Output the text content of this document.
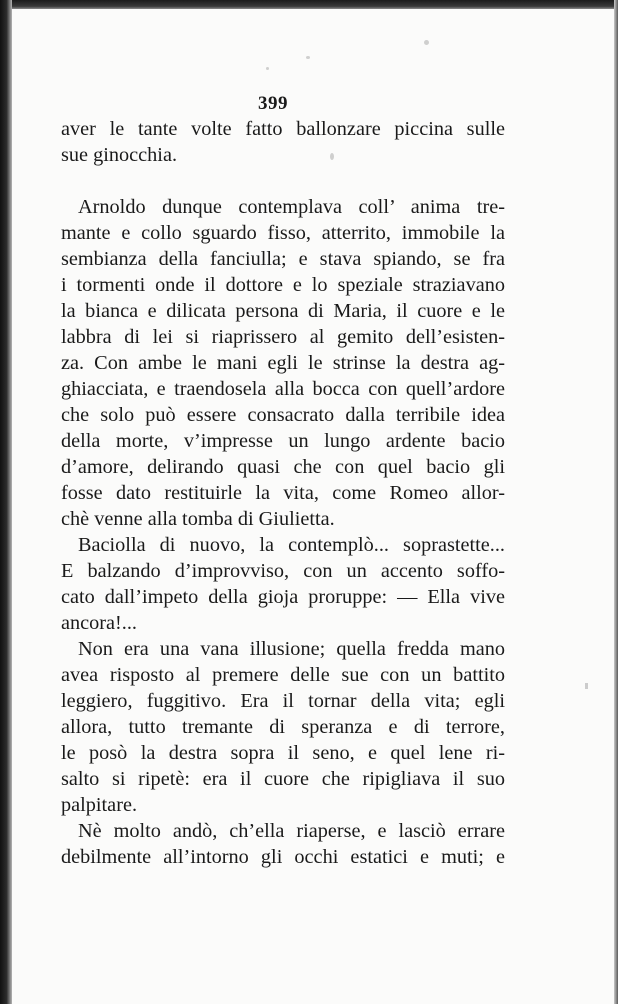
399
aver le tante volte fatto ballonzare piccina sulle
sue ginocchia.
Arnoldo dunque contemplava coll’ anima tre-
mante e collo sguardo fisso, atterrito, immobile la
sembianza della fanciulla; e stava spiando, se fra
i tormenti onde il dottore e lo speziale straziavano
la bianca e dilicata persona di Maria, il cuore e le
labbra di lei si riaprissero al gemito dell’esisten-
za. Con ambe le mani egli le strinse la destra ag-
ghiacciata, e traendosela alla bocca con quell’ardore
che solo può essere consacrato dalla terribile idea
della morte, v’impresse un lungo ardente bacio
d’amore, delirando quasi che con quel bacio gli
fosse dato restituirle la vita, come Romeo allor-
chè venne alla tomba di Giulietta.
Baciolla di nuovo, la contemplò... soprastette...
E balzando d’improvviso, con un accento soffo-
cato dall’impeto della gioja proruppe: — Ella vive
ancora!...
Non era una vana illusione; quella fredda mano
avea risposto al premere delle sue con un battito
leggiero, fuggitivo. Era il tornar della vita; egli
allora, tutto tremante di speranza e di terrore,
le posò la destra sopra il seno, e quel lene ri-
salto si ripetè: era il cuore che ripigliava il suo
palpitare.
Nè molto andò, ch’ella riaperse, e lasciò errare
debilmente all’intorno gli occhi estatici e muti; e
